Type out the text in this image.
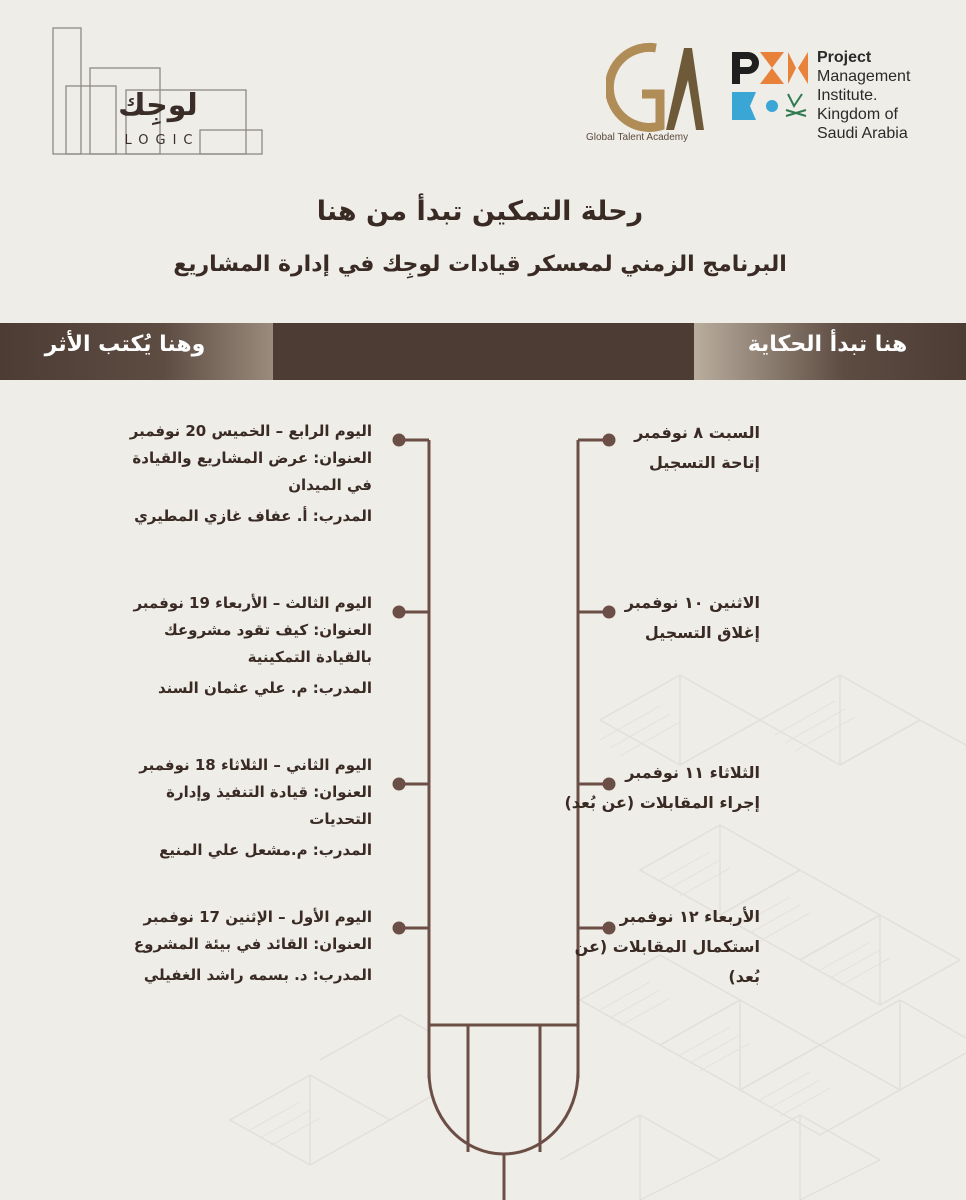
لوجِك
LOGIC	Global Talent Academy
Project
Management
Institute.
Kingdom of
Saudi Arabia
رحلة التمكين تبدأ من هنا
البرنامج الزمني لمعسكر قيادات لوجِك في إدارة المشاريع
وهنا يُكتب الأثر	هنا تبدأ الحكاية
اليوم الرابع – الخميس 20 نوفمبر
العنوان: عرض المشاريع والقيادة
في الميدان
المدرب: أ. عفاف غازي المطيري
اليوم الثالث – الأربعاء 19 نوفمبر
العنوان: كيف تقود مشروعك
بالقيادة التمكينية
المدرب: م. علي عثمان السند
اليوم الثاني – الثلاثاء 18 نوفمبر
العنوان: قيادة التنفيذ وإدارة التحديات
المدرب: م.مشعل علي المنيع
اليوم الأول – الإثنين 17 نوفمبر
العنوان: القائد في بيئة المشروع
المدرب: د. بسمه راشد الغفيلي
السبت ٨ نوفمبر
إتاحة التسجيل
الاثنين ١٠ نوفمبر
إغلاق التسجيل
الثلاثاء ١١ نوفمبر
إجراء المقابلات (عن بُعد)
الأربعاء ١٢ نوفمبر
استكمال المقابلات (عن بُعد)
